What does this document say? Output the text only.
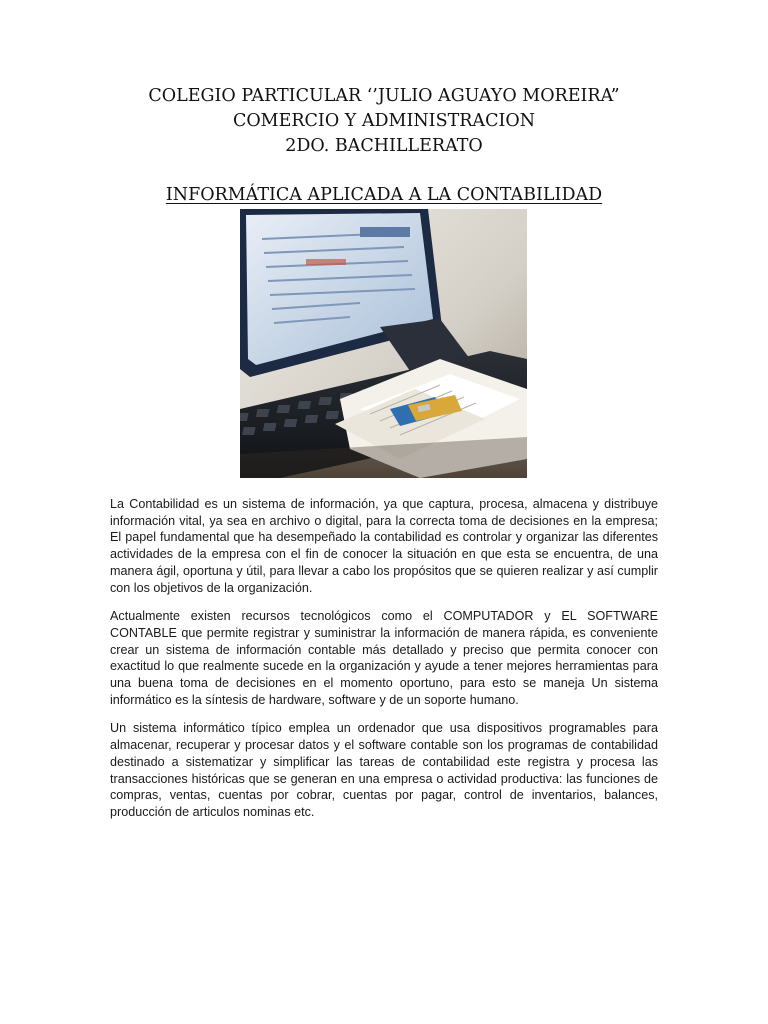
COLEGIO PARTICULAR ‘’JULIO AGUAYO MOREIRA”
COMERCIO Y ADMINISTRACION
2DO. BACHILLERATO
INFORMÁTICA APLICADA A LA CONTABILIDAD

La Contabilidad es un sistema de información, ya que captura, procesa, almacena y distribuye información vital, ya sea en archivo o digital, para la correcta toma de decisiones en la empresa; El papel fundamental que ha desempeñado la contabilidad es controlar y organizar las diferentes actividades de la empresa con el fin de conocer la situación en que esta se encuentra, de una manera ágil, oportuna y útil, para llevar a cabo los propósitos que se quieren realizar y así cumplir con los objetivos de la organización.

Actualmente existen recursos tecnológicos como el COMPUTADOR y EL SOFTWARE CONTABLE que permite registrar y suministrar la información de manera rápida, es conveniente crear un sistema de información contable más detallado y preciso que permita conocer con exactitud lo que realmente sucede en la organización y ayude a tener mejores herramientas para una buena toma de decisiones en el momento oportuno, para esto se maneja Un sistema informático es la síntesis de hardware, software y de un soporte humano.

Un sistema informático típico emplea un ordenador que usa dispositivos programables para almacenar, recuperar y procesar datos y el software contable son los programas de contabilidad destinado a sistematizar y simplificar las tareas de contabilidad este registra y procesa las transacciones históricas que se generan en una empresa o actividad productiva: las funciones de compras, ventas, cuentas por cobrar, cuentas por pagar, control de inventarios, balances, producción de articulos nominas etc.
